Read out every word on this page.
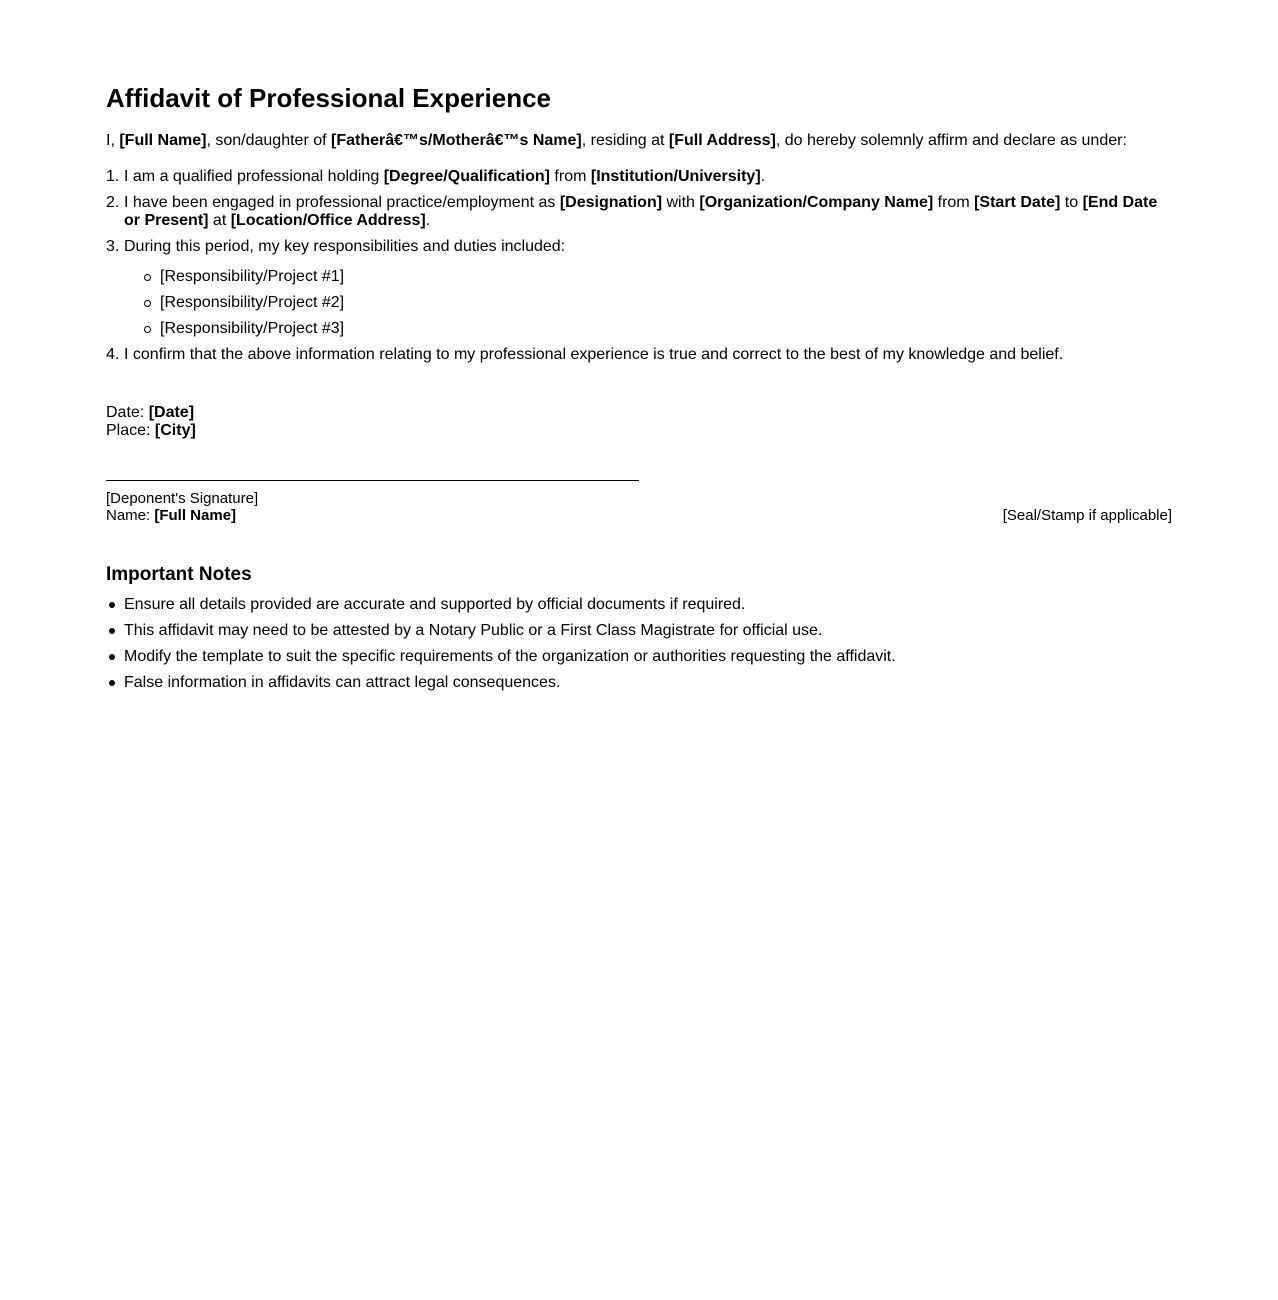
Affidavit of Professional Experience

I, [Full Name], son/daughter of [Fatherâ€™s/Motherâ€™s Name], residing at [Full Address], do hereby solemnly affirm and declare as under:

1. I am a qualified professional holding [Degree/Qualification] from [Institution/University].
2. I have been engaged in professional practice/employment as [Designation] with [Organization/Company Name] from [Start Date] to [End Date or Present] at [Location/Office Address].
3. During this period, my key responsibilities and duties included:
[Responsibility/Project #1]
[Responsibility/Project #2]
[Responsibility/Project #3]
4. I confirm that the above information relating to my professional experience is true and correct to the best of my knowledge and belief.
Date: [Date]
Place: [City]
[Deponent's Signature]
Name: [Full Name]	[Seal/Stamp if applicable]
Important Notes
Ensure all details provided are accurate and supported by official documents if required.
This affidavit may need to be attested by a Notary Public or a First Class Magistrate for official use.
Modify the template to suit the specific requirements of the organization or authorities requesting the affidavit.
False information in affidavits can attract legal consequences.
